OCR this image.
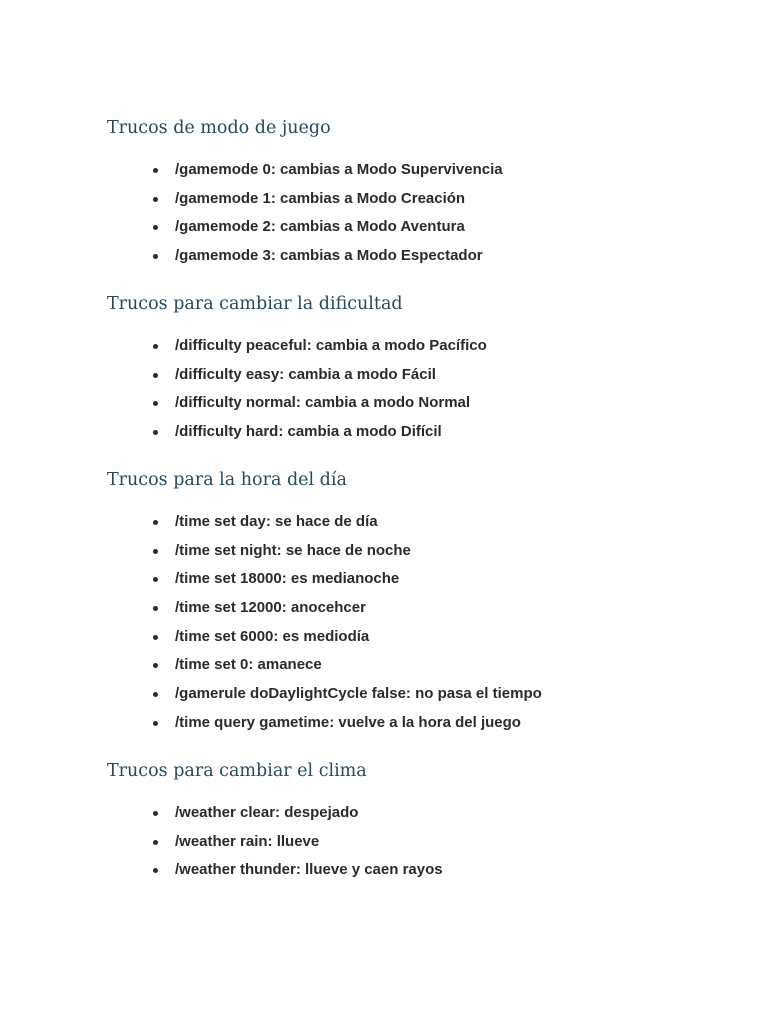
Trucos de modo de juego
/gamemode 0: cambias a Modo Supervivencia
/gamemode 1: cambias a Modo Creación
/gamemode 2: cambias a Modo Aventura
/gamemode 3: cambias a Modo Espectador
Trucos para cambiar la dificultad
/difficulty peaceful: cambia a modo Pacífico
/difficulty easy: cambia a modo Fácil
/difficulty normal: cambia a modo Normal
/difficulty hard: cambia a modo Difícil
Trucos para la hora del día
/time set day: se hace de día
/time set night: se hace de noche
/time set 18000: es medianoche
/time set 12000: anocehcer
/time set 6000: es mediodía
/time set 0: amanece
/gamerule doDaylightCycle false: no pasa el tiempo
/time query gametime: vuelve a la hora del juego
Trucos para cambiar el clima
/weather clear: despejado
/weather rain: llueve
/weather thunder: llueve y caen rayos
